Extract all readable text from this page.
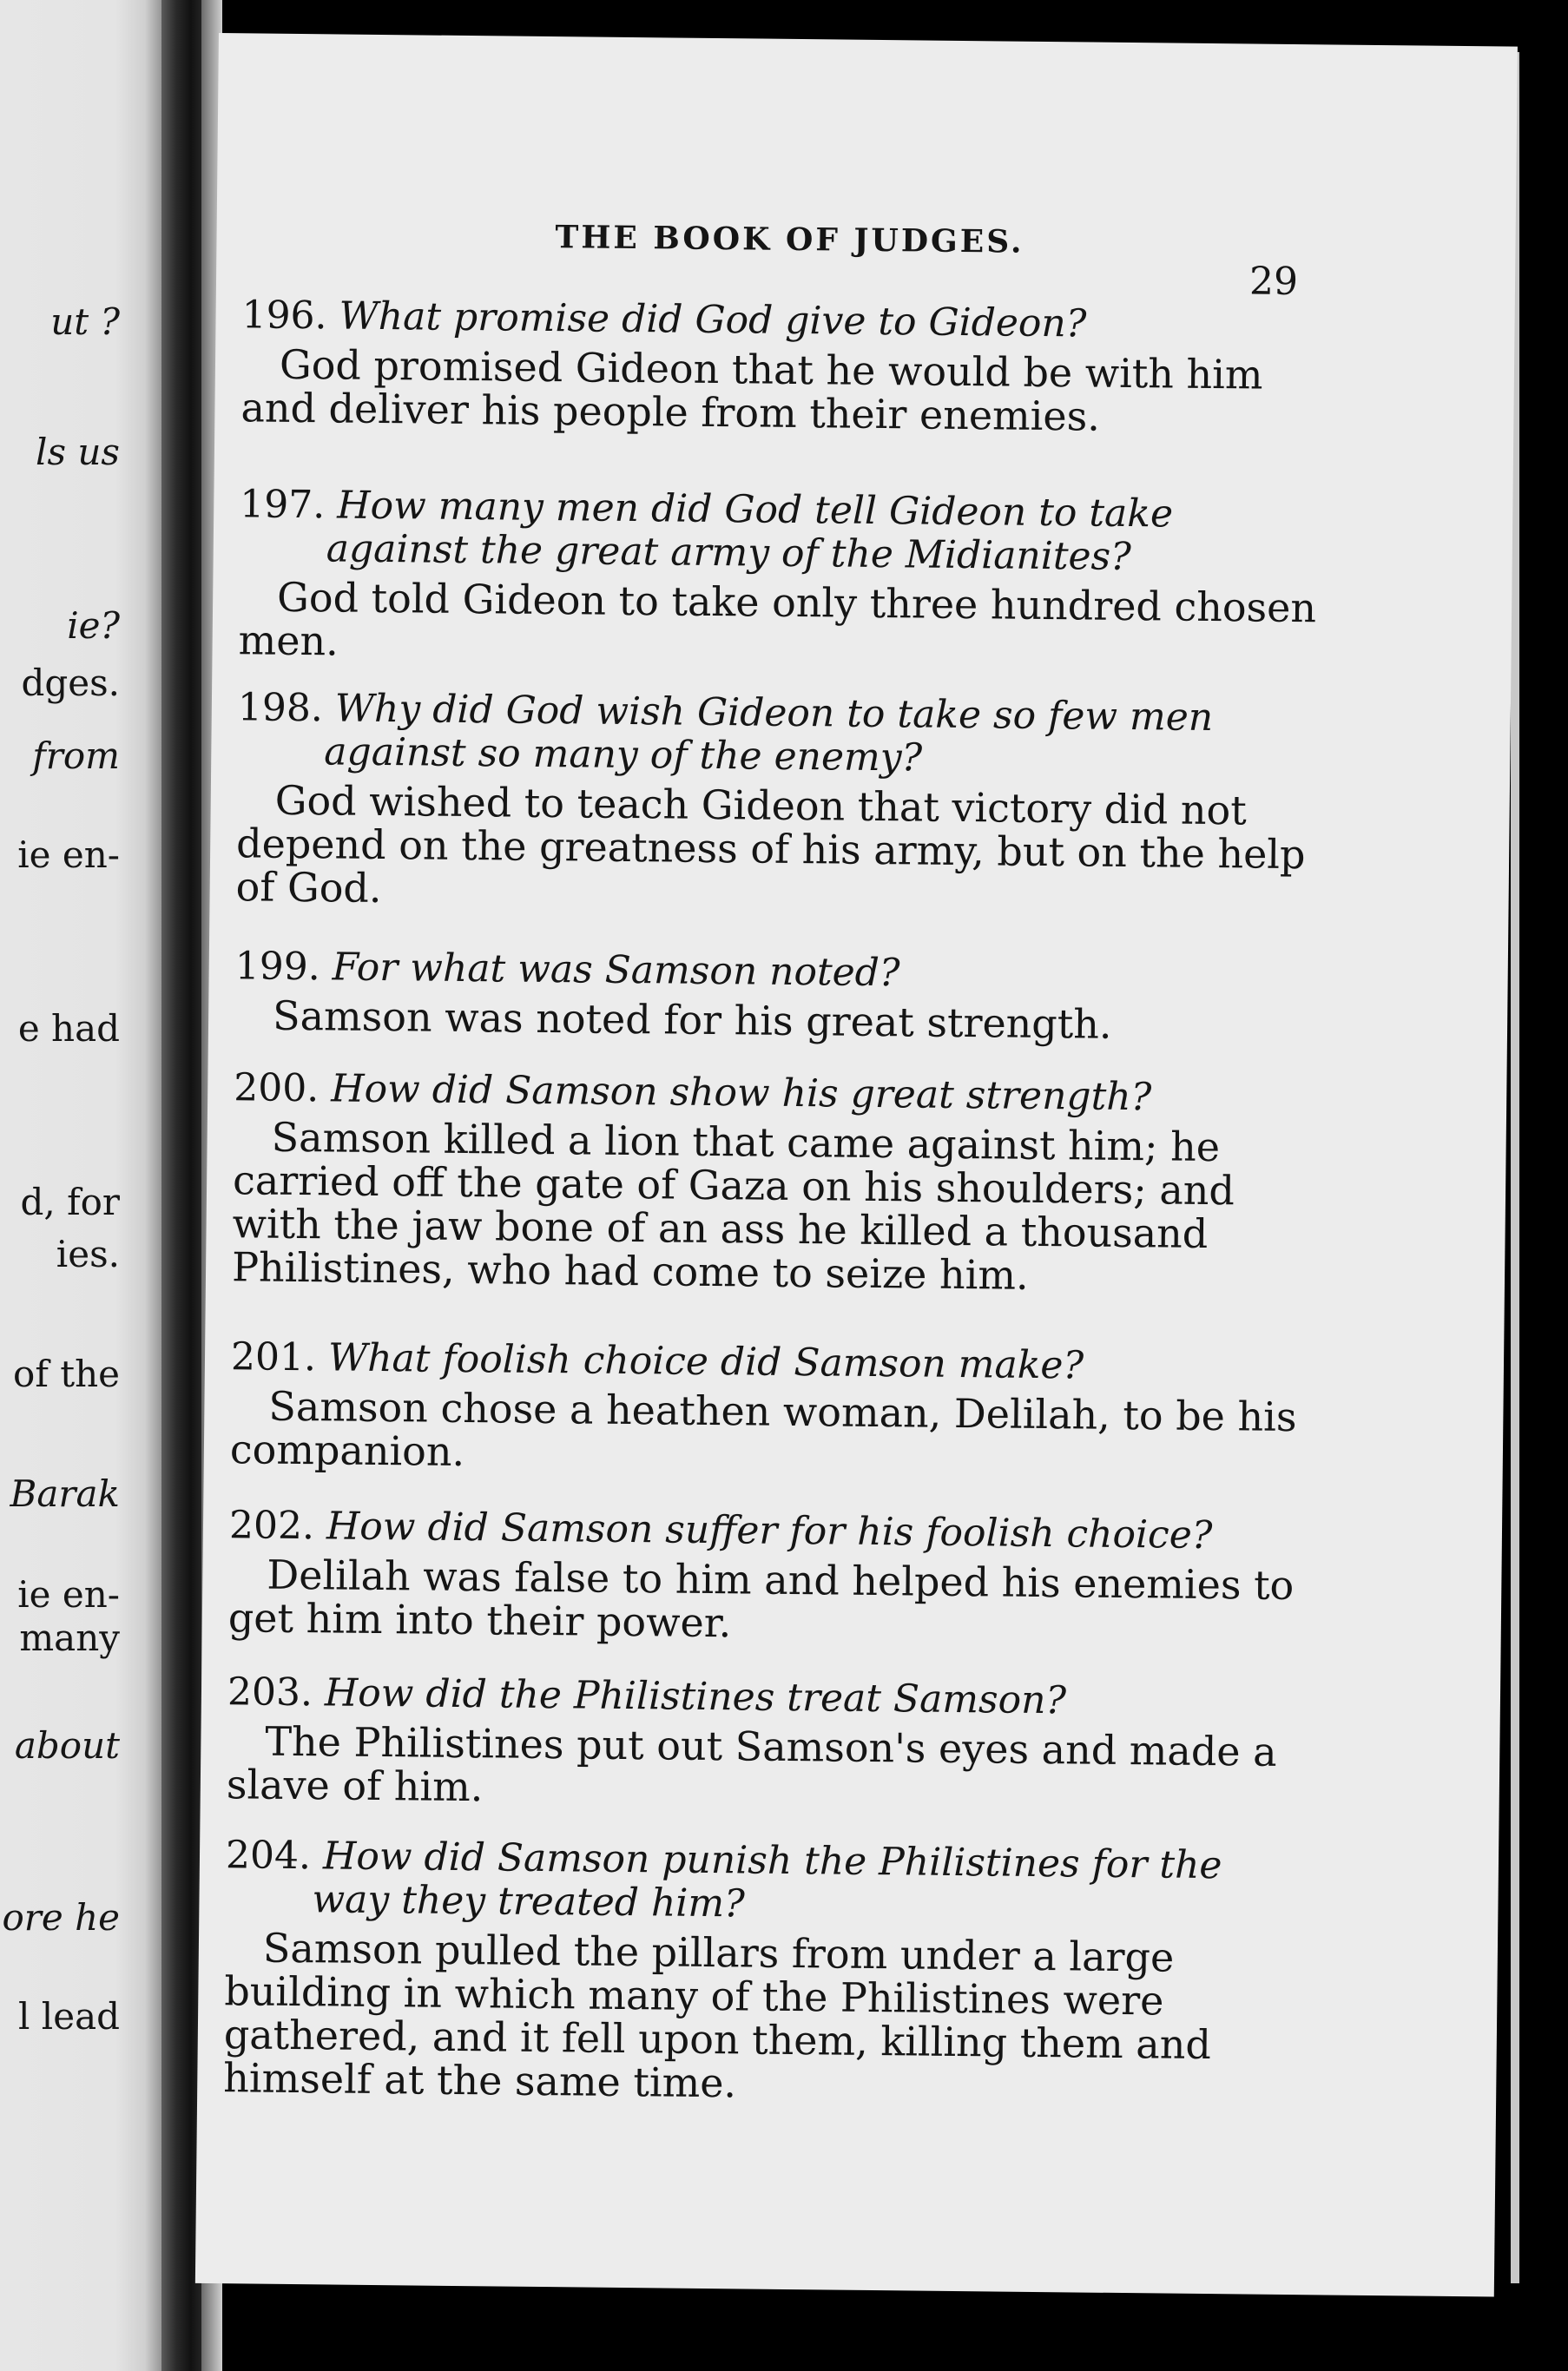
ut ?
ls us
ie?
dges.
from
ie en-
e had
d, for
ies.
of the
Barak
ie en-
many
about
ore he
l lead
THE BOOK OF JUDGES.
29
196. What promise did God give to Gideon?

God promised Gideon that he would be with him and deliver his people from their enemies.

197. How many men did God tell Gideon to take
against the great army of the Midianites?

God told Gideon to take only three hundred chosen men.

198. Why did God wish Gideon to take so few men
against so many of the enemy?

God wished to teach Gideon that victory did not depend on the greatness of his army, but on the help of God.

199. For what was Samson noted?

Samson was noted for his great strength.

200. How did Samson show his great strength?

Samson killed a lion that came against him; he carried off the gate of Gaza on his shoulders; and with the jaw bone of an ass he killed a thousand Philistines, who had come to seize him.

201. What foolish choice did Samson make?

Samson chose a heathen woman, Delilah, to be his companion.

202. How did Samson suffer for his foolish choice?

Delilah was false to him and helped his enemies to get him into their power.

203. How did the Philistines treat Samson?

The Philistines put out Samson's eyes and made a slave of him.

204. How did Samson punish the Philistines for the
way they treated him?

Samson pulled the pillars from under a large building in which many of the Philistines were gathered, and it fell upon them, killing them and himself at the same time.
